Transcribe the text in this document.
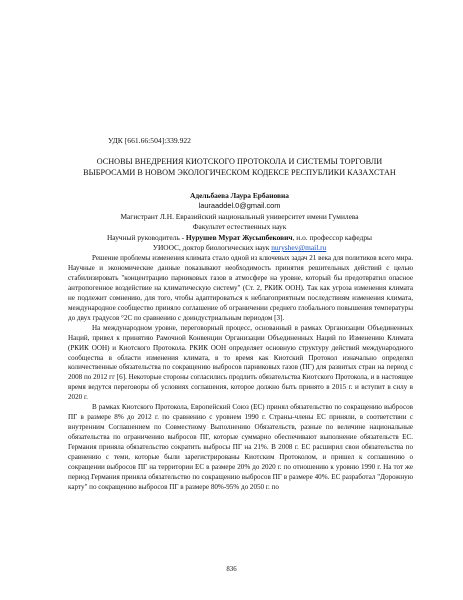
УДК [661.66:504]:339.922
ОСНОВЫ ВНЕДРЕНИЯ КИОТСКОГО ПРОТОКОЛА И СИСТЕМЫ ТОРГОВЛИ
ВЫБРОСАМИ В НОВОМ ЭКОЛОГИЧЕСКОМ КОДЕКСЕ РЕСПУБЛИКИ КАЗАХСТАН
Адельбаева Лаура Ербановна
lauraaddel.0@gmail.com
Магистрант Л.Н. Евразийский национальный университет имени Гумилева
Факультет естественных наук
Научный руководитель - Нурушев Мурат Жусыпбекович, и.о. профессор кафедры
УИООС, доктор биологических наук nuryshev@mail.ru

Решение проблемы изменения климата стало одной из ключевых задач 21 века для политиков всего мира. Научные и экономические данные показывают необходимость принятия решительных действий с целью стабилизировать "концентрацию парниковых газов в атмосфере на уровне, который бы предотвратил опасное антропогенное воздействие на климатическую систему" (Ст. 2, РКИК ООН). Так как угроза изменения климата не подлежит сомнению, для того, чтобы адаптироваться к неблагоприятным последствиям изменения климата, международное сообщество приняло соглашение об ограничении среднего глобального повышения температуры до двух градусов °2С по сравнению с доиндустриальным периодом [3].

На международном уровне, переговорный процесс, основанный в рамках Организации Объединенных Наций, привел к принятию Рамочной Конвенции Организации Объединенных Наций по Изменению Климата (РКИК ООН) и Киотского Протокола. РКИК ООН определяет основную структуру действий международного сообщества в области изменения климата, в то время как Киотский Протокол изначально определял количественные обязательства по сокращению выбросов парниковых газов (ПГ) для развитых стран на период с 2008 по 2012 гг [6]. Некоторые стороны согласились продлить обязательства Киотского Протокола, и в настоящее время ведутся переговоры об условиях соглашения, которое должно быть принято в 2015 г. и вступит в силу в 2020 г.

В рамках Киотского Протокола, Европейский Союз (ЕС) принял обязательство по сокращению выбросов ПГ в размере 8% до 2012 г. по сравнению с уровнем 1990 г. Страны-члены ЕС приняли, в соответствии с внутренним Соглашением по Совместному Выполнению Обязательств, разные по величине национальные обязательства по ограничению выбросов ПГ, которые суммарно обеспечивают выполнение обязательств ЕС. Германия приняла обязательство сократить выбросы ПГ на 21%. В 2008 г. ЕС расширил свои обязательства по сравнению с теми, которые были зарегистрированы Киотским Протоколом, и пришел к соглашению о сокращении выбросов ПГ на территории ЕС в размере 20% до 2020 г. по отношению к уровню 1990 г. На тот же период Германия приняла обязательство по сокращению выбросов ПГ в размере 40%. ЕС разработал "Дорожную карту" по сокращению выбросов ПГ в размере 80%-95% до 2050 г. по

836
